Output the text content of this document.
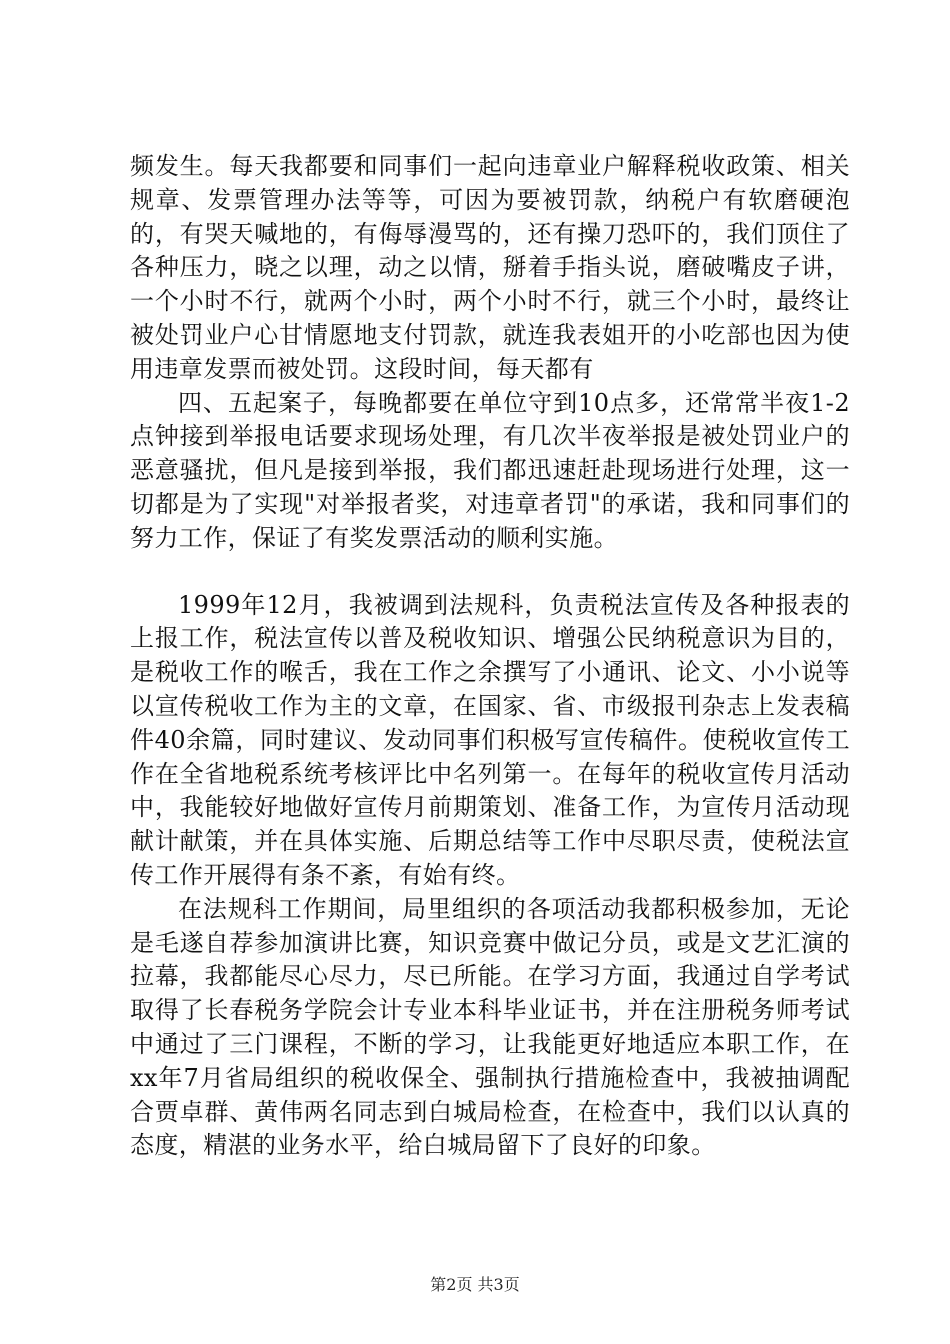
频发生。每天我都要和同事们一起向违章业户解释税收政策、相关规章、发票管理办法等等，可因为要被罚款，纳税户有软磨硬泡的，有哭天喊地的，有侮辱漫骂的，还有操刀恐吓的，我们顶住了各种压力，晓之以理，动之以情，掰着手指头说，磨破嘴皮子讲，一个小时不行，就两个小时，两个小时不行，就三个小时，最终让被处罚业户心甘情愿地支付罚款，就连我表姐开的小吃部也因为使用违章发票而被处罚。这段时间，每天都有

四、五起案子，每晚都要在单位守到10点多，还常常半夜1-2点钟接到举报电话要求现场处理，有几次半夜举报是被处罚业户的恶意骚扰，但凡是接到举报，我们都迅速赶赴现场进行处理，这一切都是为了实现"对举报者奖，对违章者罚"的承诺，我和同事们的努力工作，保证了有奖发票活动的顺利实施。

1999年12月，我被调到法规科，负责税法宣传及各种报表的上报工作，税法宣传以普及税收知识、增强公民纳税意识为目的，是税收工作的喉舌，我在工作之余撰写了小通讯、论文、小小说等以宣传税收工作为主的文章，在国家、省、市级报刊杂志上发表稿件40余篇，同时建议、发动同事们积极写宣传稿件。使税收宣传工作在全省地税系统考核评比中名列第一。在每年的税收宣传月活动中，我能较好地做好宣传月前期策划、准备工作，为宣传月活动现献计献策，并在具体实施、后期总结等工作中尽职尽责，使税法宣传工作开展得有条不紊，有始有终。

在法规科工作期间，局里组织的各项活动我都积极参加，无论是毛遂自荐参加演讲比赛，知识竞赛中做记分员，或是文艺汇演的拉幕，我都能尽心尽力，尽已所能。在学习方面，我通过自学考试取得了长春税务学院会计专业本科毕业证书，并在注册税务师考试中通过了三门课程，不断的学习，让我能更好地适应本职工作，在xx年7月省局组织的税收保全、强制执行措施检查中，我被抽调配合贾卓群、黄伟两名同志到白城局检查，在检查中，我们以认真的态度，精湛的业务水平，给白城局留下了良好的印象。

第2页 共3页
